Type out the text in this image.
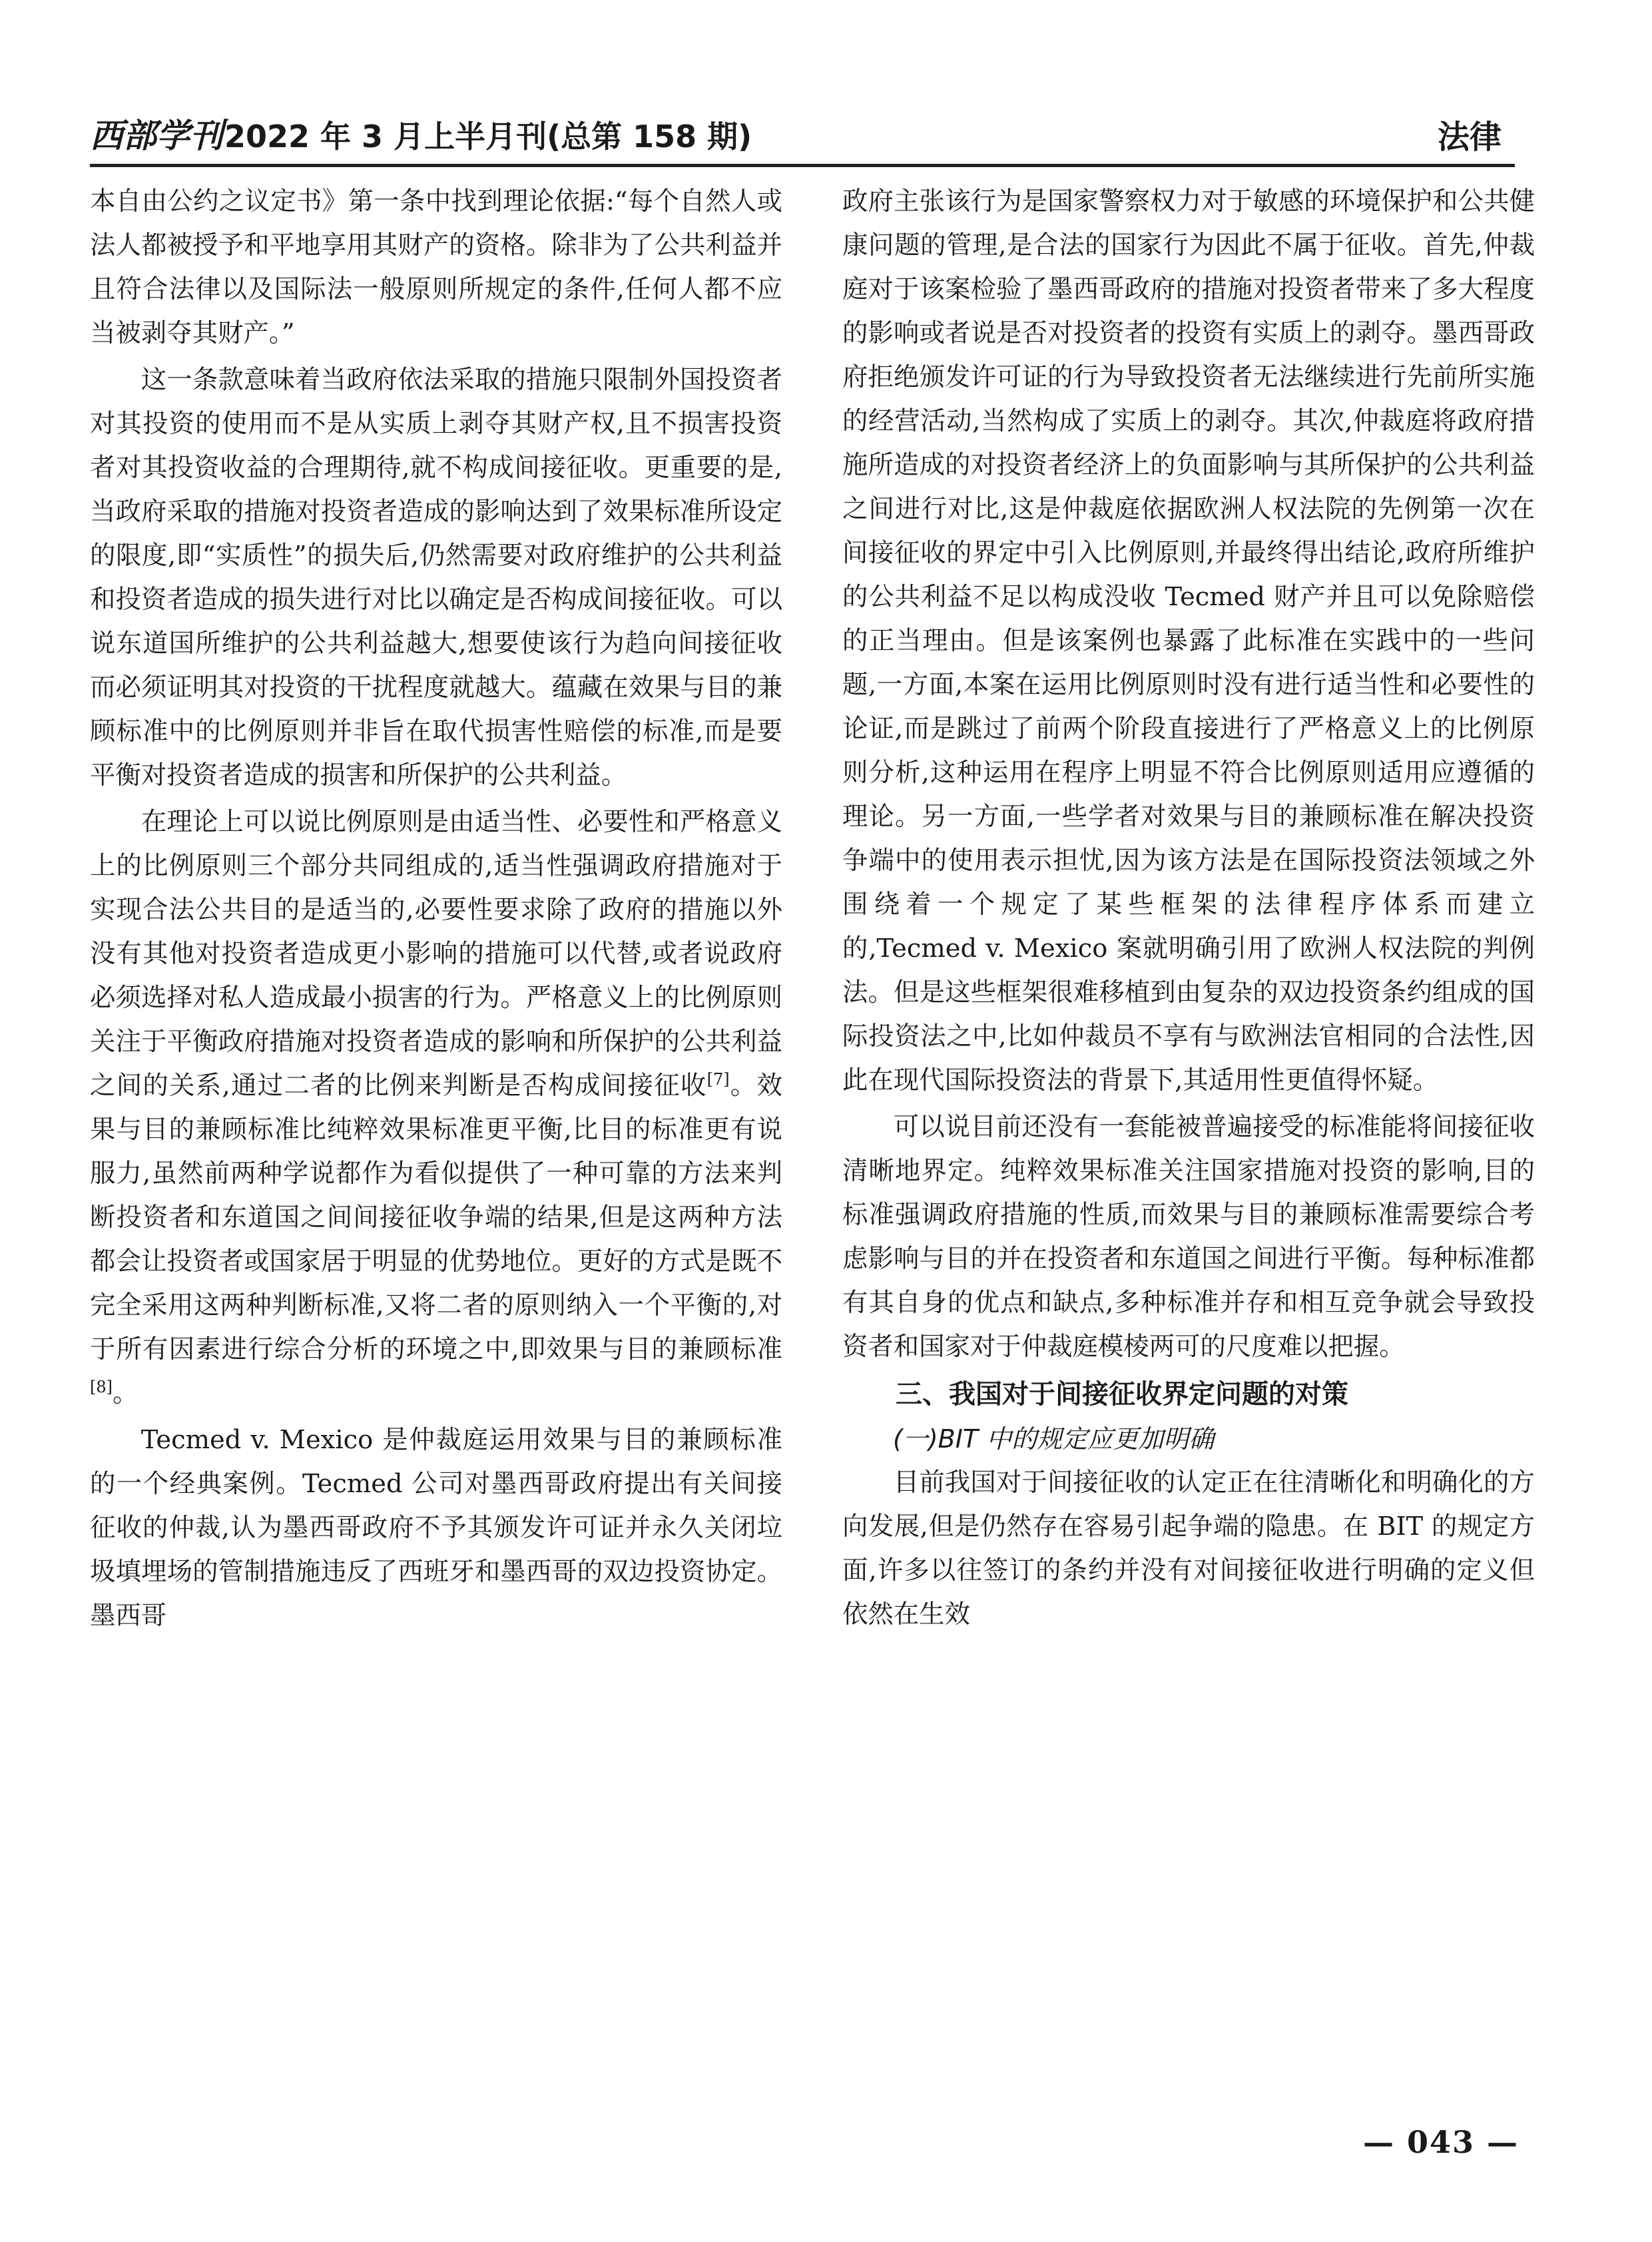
西部学刊 2022 年 3 月上半月刊(总第 158 期)	法律

本自由公约之议定书》第一条中找到理论依据:“每个自然人或法人都被授予和平地享用其财产的资格。除非为了公共利益并且符合法律以及国际法一般原则所规定的条件,任何人都不应当被剥夺其财产。”

这一条款意味着当政府依法采取的措施只限制外国投资者对其投资的使用而不是从实质上剥夺其财产权,且不损害投资者对其投资收益的合理期待,就不构成间接征收。更重要的是,当政府采取的措施对投资者造成的影响达到了效果标准所设定的限度,即“实质性”的损失后,仍然需要对政府维护的公共利益和投资者造成的损失进行对比以确定是否构成间接征收。可以说东道国所维护的公共利益越大,想要使该行为趋向间接征收而必须证明其对投资的干扰程度就越大。蕴藏在效果与目的兼顾标准中的比例原则并非旨在取代损害性赔偿的标准,而是要平衡对投资者造成的损害和所保护的公共利益。

在理论上可以说比例原则是由适当性、必要性和严格意义上的比例原则三个部分共同组成的,适当性强调政府措施对于实现合法公共目的是适当的,必要性要求除了政府的措施以外没有其他对投资者造成更小影响的措施可以代替,或者说政府必须选择对私人造成最小损害的行为。严格意义上的比例原则关注于平衡政府措施对投资者造成的影响和所保护的公共利益之间的关系,通过二者的比例来判断是否构成间接征收[7]。效果与目的兼顾标准比纯粹效果标准更平衡,比目的标准更有说服力,虽然前两种学说都作为看似提供了一种可靠的方法来判断投资者和东道国之间间接征收争端的结果,但是这两种方法都会让投资者或国家居于明显的优势地位。更好的方式是既不完全采用这两种判断标准,又将二者的原则纳入一个平衡的,对于所有因素进行综合分析的环境之中,即效果与目的兼顾标准[8]。

Tecmed v. Mexico 是仲裁庭运用效果与目的兼顾标准的一个经典案例。Tecmed 公司对墨西哥政府提出有关间接征收的仲裁,认为墨西哥政府不予其颁发许可证并永久关闭垃圾填埋场的管制措施违反了西班牙和墨西哥的双边投资协定。墨西哥

政府主张该行为是国家警察权力对于敏感的环境保护和公共健康问题的管理,是合法的国家行为因此不属于征收。首先,仲裁庭对于该案检验了墨西哥政府的措施对投资者带来了多大程度的影响或者说是否对投资者的投资有实质上的剥夺。墨西哥政府拒绝颁发许可证的行为导致投资者无法继续进行先前所实施的经营活动,当然构成了实质上的剥夺。其次,仲裁庭将政府措施所造成的对投资者经济上的负面影响与其所保护的公共利益之间进行对比,这是仲裁庭依据欧洲人权法院的先例第一次在间接征收的界定中引入比例原则,并最终得出结论,政府所维护的公共利益不足以构成没收 Tecmed 财产并且可以免除赔偿的正当理由。但是该案例也暴露了此标准在实践中的一些问题,一方面,本案在运用比例原则时没有进行适当性和必要性的论证,而是跳过了前两个阶段直接进行了严格意义上的比例原则分析,这种运用在程序上明显不符合比例原则适用应遵循的理论。另一方面,一些学者对效果与目的兼顾标准在解决投资争端中的使用表示担忧,因为该方法是在国际投资法领域之外围绕着一个规定了某些框架的法律程序体系而建立的,Tecmed v. Mexico 案就明确引用了欧洲人权法院的判例法。但是这些框架很难移植到由复杂的双边投资条约组成的国际投资法之中,比如仲裁员不享有与欧洲法官相同的合法性,因此在现代国际投资法的背景下,其适用性更值得怀疑。

可以说目前还没有一套能被普遍接受的标准能将间接征收清晰地界定。纯粹效果标准关注国家措施对投资的影响,目的标准强调政府措施的性质,而效果与目的兼顾标准需要综合考虑影响与目的并在投资者和东道国之间进行平衡。每种标准都有其自身的优点和缺点,多种标准并存和相互竞争就会导致投资者和国家对于仲裁庭模棱两可的尺度难以把握。

三、我国对于间接征收界定问题的对策
(一)BIT 中的规定应更加明确

目前我国对于间接征收的认定正在往清晰化和明确化的方向发展,但是仍然存在容易引起争端的隐患。在 BIT 的规定方面,许多以往签订的条约并没有对间接征收进行明确的定义但依然在生效

— 043 —
